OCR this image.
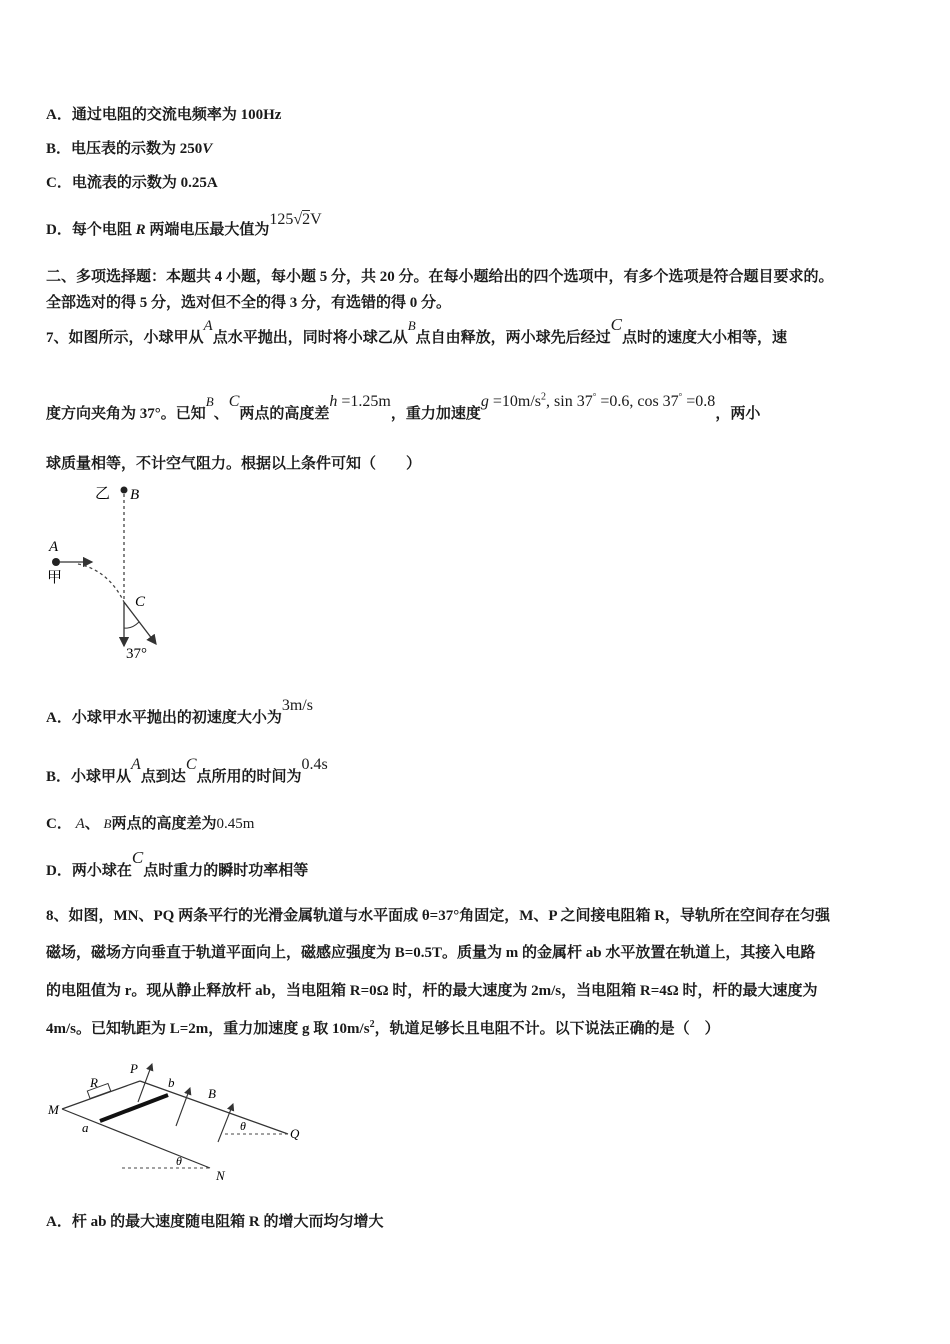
A．通过电阻的交流电频率为 100Hz
B．电压表的示数为 250V
C．电流表的示数为 0.25A
D．每个电阻 R 两端电压最大值为125√2V
二、多项选择题：本题共 4 小题，每小题 5 分，共 20 分。在每小题给出的四个选项中，有多个选项是符合题目要求的。
全部选对的得 5 分，选对但不全的得 3 分，有选错的得 0 分。
7、如图所示，小球甲从A点水平抛出，同时将小球乙从B点自由释放，两小球先后经过C点时的速度大小相等，速
度方向夹角为 37°。已知B、C两点的高度差h =1.25m，重力加速度$g =10m/s^2$, sin 37° =0.6, cos 37° =0.8，两小
球质量相等，不计空气阻力。根据以上条件可知（　　）
乙 B
A
甲
C
37°
A．小球甲水平抛出的初速度大小为3m/s
B．小球甲从A点到达C点所用的时间为0.4s
C． A、 B两点的高度差为0.45m
D．两小球在C点时重力的瞬时功率相等
8、如图，MN、PQ 两条平行的光滑金属轨道与水平面成 θ=37°角固定，M、P 之间接电阻箱 R，导轨所在空间存在匀强
磁场，磁场方向垂直于轨道平面向上，磁感应强度为 B=0.5T。质量为 m 的金属杆 ab 水平放置在轨道上，其接入电路
的电阻值为 r。现从静止释放杆 ab，当电阻箱 R=0Ω 时，杆的最大速度为 2m/s，当电阻箱 R=4Ω 时，杆的最大速度为
4m/s。已知轨距为 L=2m，重力加速度 g 取 $10m/s^2$，轨道足够长且电阻不计。以下说法正确的是（　）
R
P
b
B
M
a	θ	Q
θ
N
A．杆 ab 的最大速度随电阻箱 R 的增大而均匀增大
